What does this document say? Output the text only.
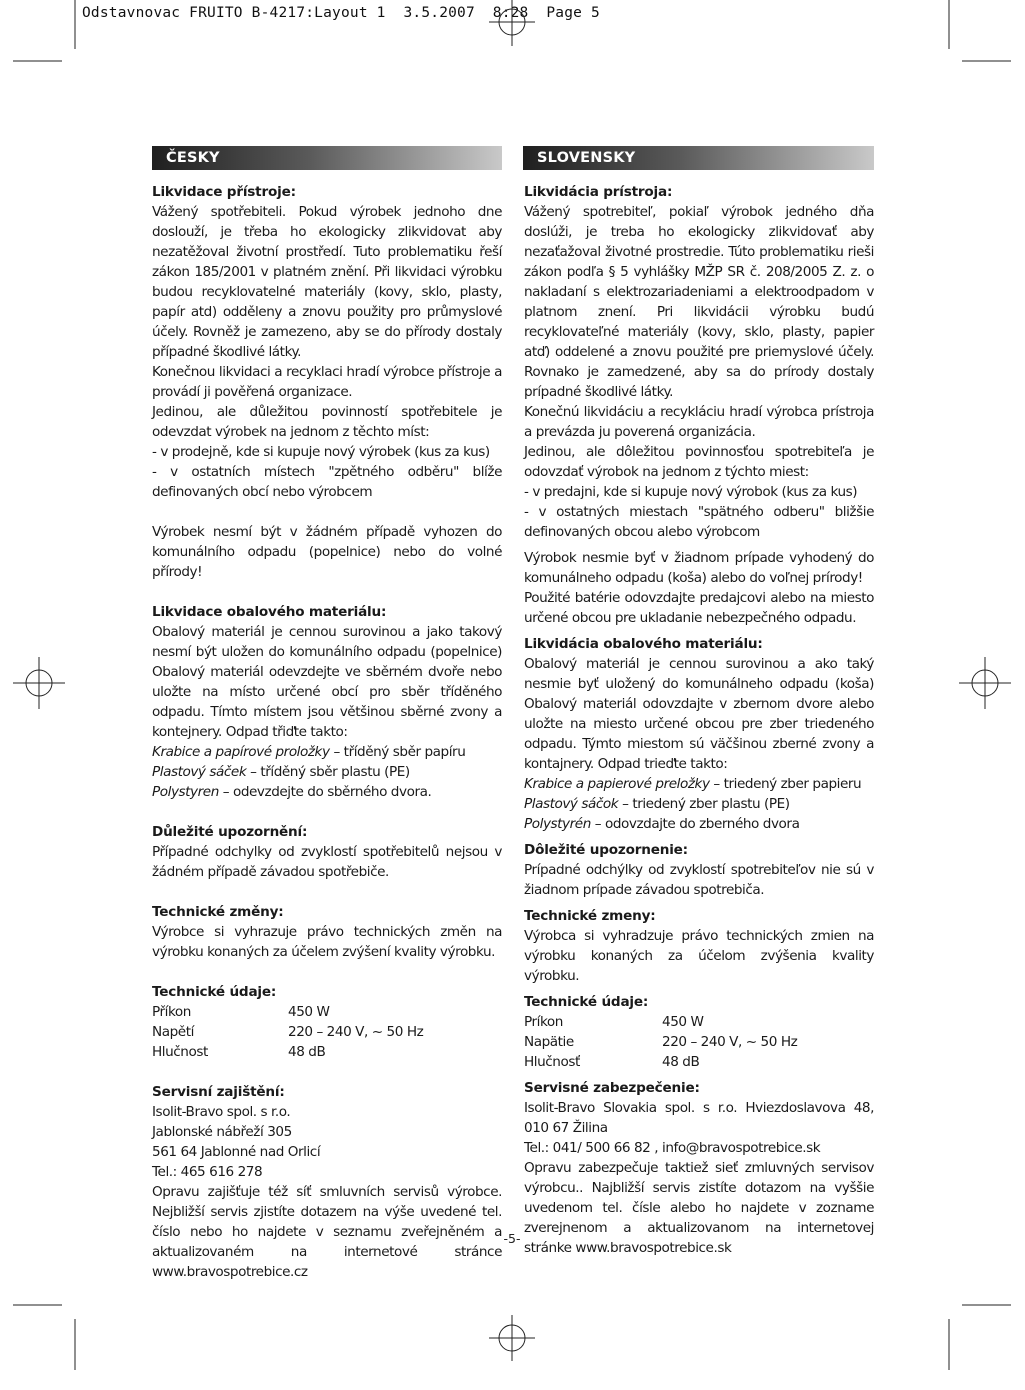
Odstavnovac FRUITO B-4217:Layout 1  3.5.2007  8:28  Page 5
ČESKY
Likvidace přístroje:

Vážený spotřebiteli. Pokud výrobek jednoho dne doslouží, je třeba ho ekologicky zlikvidovat aby nezatěžoval životní prostředí. Tuto problematiku řeší zákon 185/2001 v platném znění. Při likvidaci výrobku budou recyklovatelné materiály (kovy, sklo, plasty, papír atd) odděleny a znovu použity pro průmyslové účely. Rovněž je zamezeno, aby se do přírody dostaly případné škodlivé látky.

Konečnou likvidaci a recyklaci hradí výrobce přístroje a provádí ji pověřená organizace.

Jedinou, ale důležitou povinností spotřebitele je odevzdat výrobek na jednom z těchto míst:

- v prodejně, kde si kupuje nový výrobek (kus za kus)

- v ostatních místech "zpětného odběru" blíže definovaných obcí nebo výrobcem

Výrobek nesmí být v žádném případě vyhozen do komunálního odpadu (popelnice) nebo do volné přírody!

Likvidace obalového materiálu:

Obalový materiál je cennou surovinou a jako takový nesmí být uložen do komunálního odpadu (popelnice) Obalový materiál odevzdejte ve sběrném dvoře nebo uložte na místo určené obcí pro sběr tříděného odpadu. Tímto místem jsou většinou sběrné zvony a kontejnery. Odpad třiďte takto:

Krabice a papírové proložky – tříděný sběr papíru

Plastový sáček – tříděný sběr plastu (PE)

Polystyren – odevzdejte do sběrného dvora.

Důležité upozornění:

Případné odchylky od zvyklostí spotřebitelů nejsou v žádném případě závadou spotřebiče.

Technické změny:

Výrobce si vyhrazuje právo technických změn na výrobku konaných za účelem zvýšení kvality výrobku.

Technické údaje:
Příkon	450 W
Napětí	220 – 240 V, ~ 50 Hz
Hlučnost	48 dB
Servisní zajištění:

Isolit-Bravo spol. s r.o.

Jablonské nábřeží 305

561 64 Jablonné nad Orlicí

Tel.: 465 616 278

Opravu zajišťuje též síť smluvních servisů výrobce. Nejbližší servis zjistíte dotazem na výše uvedené tel. číslo nebo ho najdete v seznamu zveřejněném a aktualizovaném na internetové stránce www.bravospotrebice.cz

SLOVENSKY
Likvidácia prístroja:

Vážený spotrebiteľ, pokiaľ výrobok jedného dňa doslúži, je treba ho ekologicky zlikvidovať aby nezaťažoval životné prostredie. Túto problematiku rieši zákon podľa § 5 vyhlášky MŽP SR č. 208/2005 Z. z. o nakladaní s elektrozariadeniami a elektroodpadom v platnom znení. Pri likvidácii výrobku budú recyklovateľné materiály (kovy, sklo, plasty, papier atď) oddelené a znovu použité pre priemyslové účely. Rovnako je zamedzené, aby sa do prírody dostaly prípadné škodlivé látky.

Konečnú likvidáciu a recykláciu hradí výrobca prístroja a prevázda ju poverená organizácia.

Jedinou, ale dôležitou povinnosťou spotrebiteľa je odovzdať výrobok na jednom z týchto miest:

- v predajni, kde si kupuje nový výrobok (kus za kus)

- v ostatných miestach "spätného odberu" bližšie definovaných obcou alebo výrobcom

Výrobok nesmie byť v žiadnom prípade vyhodený do komunálneho odpadu (koša) alebo do voľnej prírody!

Použité batérie odovzdajte predajcovi alebo na miesto určené obcou pre ukladanie nebezpečného odpadu.

Likvidácia obalového materiálu:

Obalový materiál je cennou surovinou a ako taký nesmie byť uložený do komunálneho odpadu (koša) Obalový materiál odovzdajte v zbernom dvore alebo uložte na miesto určené obcou pre zber triedeného odpadu. Týmto miestom sú väčšinou zberné zvony a kontajnery. Odpad trieďte takto:

Krabice a papierové preložky – triedený zber papieru

Plastový sáčok – triedený zber plastu (PE)

Polystyrén – odovzdajte do zberného dvora

Dôležité upozornenie:

Prípadné odchýlky od zvyklostí spotrebiteľov nie sú v žiadnom prípade závadou spotrebiča.

Technické zmeny:

Výrobca si vyhradzuje právo technických zmien na výrobku konaných za účelom zvýšenia kvality výrobku.

Technické údaje:
Príkon	450 W
Napätie	220 – 240 V, ~ 50 Hz
Hlučnosť	48 dB
Servisné zabezpečenie:

Isolit-Bravo Slovakia spol. s r.o. Hviezdoslavova 48, 010 67 Žilina

Tel.: 041/ 500 66 82 , info@bravospotrebice.sk

Opravu zabezpečuje taktiež sieť zmluvných servisov výrobcu.. Najbližší servis zistíte dotazom na vyššie uvedenom tel. čísle alebo ho najdete v zozname zverejnenom a aktualizovanom na internetovej stránke www.bravospotrebice.sk

-5-
